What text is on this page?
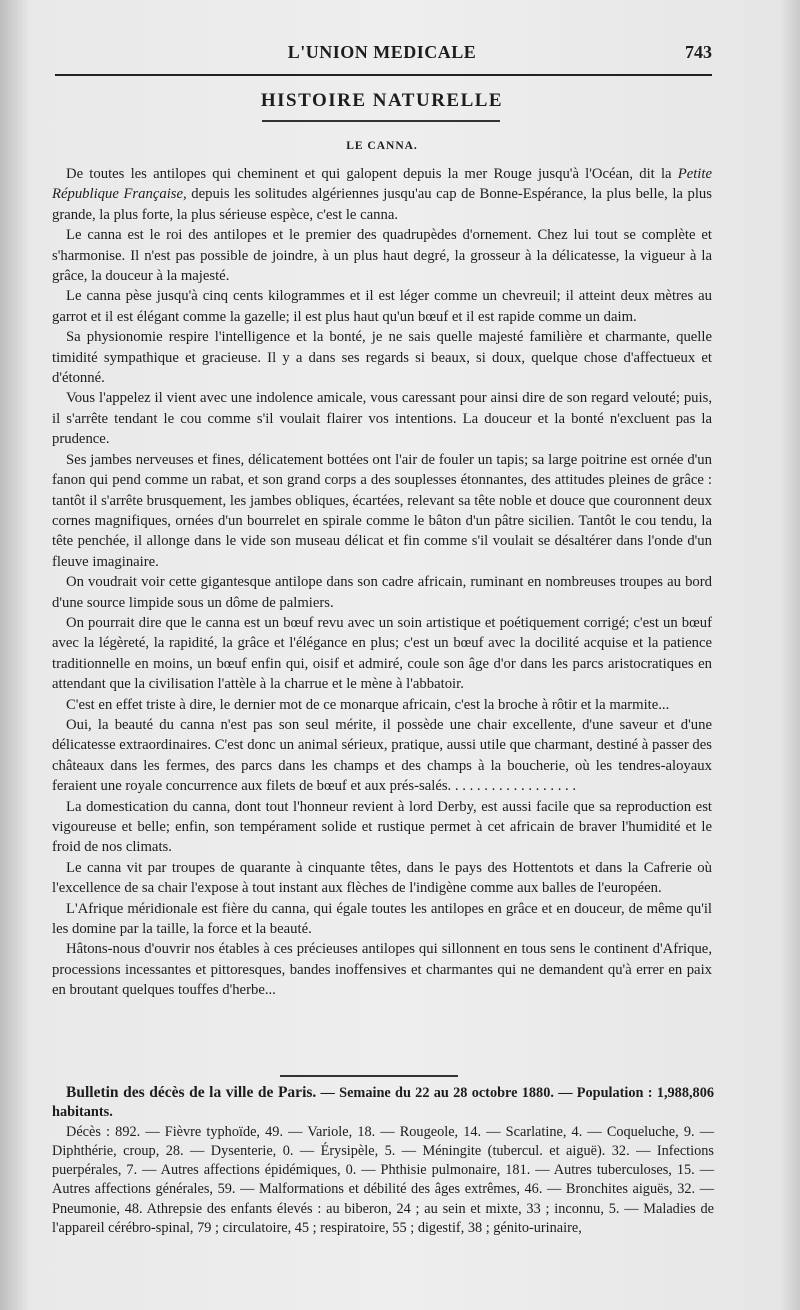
L'UNION MEDICALE	743
HISTOIRE NATURELLE
LE CANNA.

De toutes les antilopes qui cheminent et qui galopent depuis la mer Rouge jusqu'à l'Océan, dit la Petite République Française, depuis les solitudes algériennes jusqu'au cap de Bonne-Espérance, la plus belle, la plus grande, la plus forte, la plus sérieuse espèce, c'est le canna.

Le canna est le roi des antilopes et le premier des quadrupèdes d'ornement. Chez lui tout se complète et s'harmonise. Il n'est pas possible de joindre, à un plus haut degré, la grosseur à la délicatesse, la vigueur à la grâce, la douceur à la majesté.

Le canna pèse jusqu'à cinq cents kilogrammes et il est léger comme un chevreuil; il atteint deux mètres au garrot et il est élégant comme la gazelle; il est plus haut qu'un bœuf et il est rapide comme un daim.

Sa physionomie respire l'intelligence et la bonté, je ne sais quelle majesté familière et charmante, quelle timidité sympathique et gracieuse. Il y a dans ses regards si beaux, si doux, quelque chose d'affectueux et d'étonné.

Vous l'appelez il vient avec une indolence amicale, vous caressant pour ainsi dire de son regard velouté; puis, il s'arrête tendant le cou comme s'il voulait flairer vos intentions. La douceur et la bonté n'excluent pas la prudence.

Ses jambes nerveuses et fines, délicatement bottées ont l'air de fouler un tapis; sa large poitrine est ornée d'un fanon qui pend comme un rabat, et son grand corps a des souplesses étonnantes, des attitudes pleines de grâce : tantôt il s'arrête brusquement, les jambes obliques, écartées, relevant sa tête noble et douce que couronnent deux cornes magnifiques, ornées d'un bourrelet en spirale comme le bâton d'un pâtre sicilien. Tantôt le cou tendu, la tête penchée, il allonge dans le vide son museau délicat et fin comme s'il voulait se désaltérer dans l'onde d'un fleuve imaginaire.

On voudrait voir cette gigantesque antilope dans son cadre africain, ruminant en nombreuses troupes au bord d'une source limpide sous un dôme de palmiers.

On pourrait dire que le canna est un bœuf revu avec un soin artistique et poétiquement corrigé; c'est un bœuf avec la légèreté, la rapidité, la grâce et l'élégance en plus; c'est un bœuf avec la docilité acquise et la patience traditionnelle en moins, un bœuf enfin qui, oisif et admiré, coule son âge d'or dans les parcs aristocratiques en attendant que la civilisation l'attèle à la charrue et le mène à l'abbatoir.

C'est en effet triste à dire, le dernier mot de ce monarque africain, c'est la broche à rôtir et la marmite...

Oui, la beauté du canna n'est pas son seul mérite, il possède une chair excellente, d'une saveur et d'une délicatesse extraordinaires. C'est donc un animal sérieux, pratique, aussi utile que charmant, destiné à passer des châteaux dans les fermes, des parcs dans les champs et des champs à la boucherie, où les tendres-aloyaux feraient une royale concurrence aux filets de bœuf et aux prés-salés. . . . . . . . . . . . . . . . . .

La domestication du canna, dont tout l'honneur revient à lord Derby, est aussi facile que sa reproduction est vigoureuse et belle; enfin, son tempérament solide et rustique permet à cet africain de braver l'humidité et le froid de nos climats.

Le canna vit par troupes de quarante à cinquante têtes, dans le pays des Hottentots et dans la Cafrerie où l'excellence de sa chair l'expose à tout instant aux flèches de l'indigène comme aux balles de l'européen.

L'Afrique méridionale est fière du canna, qui égale toutes les antilopes en grâce et en douceur, de même qu'il les domine par la taille, la force et la beauté.

Hâtons-nous d'ouvrir nos étables à ces précieuses antilopes qui sillonnent en tous sens le continent d'Afrique, processions incessantes et pittoresques, bandes inoffensives et charmantes qui ne demandent qu'à errer en paix en broutant quelques touffes d'herbe...

Bulletin des décès de la ville de Paris. — Semaine du 22 au 28 octobre 1880. — Population : 1,988,806 habitants.

Décès : 892. — Fièvre typhoïde, 49. — Variole, 18. — Rougeole, 14. — Scarlatine, 4. — Coqueluche, 9. — Diphthérie, croup, 28. — Dysenterie, 0. — Érysipèle, 5. — Méningite (tubercul. et aiguë). 32. — Infections puerpérales, 7. — Autres affections épidémiques, 0. — Phthisie pulmonaire, 181. — Autres tuberculoses, 15. — Autres affections générales, 59. — Malformations et débilité des âges extrêmes, 46. — Bronchites aiguës, 32. — Pneumonie, 48. Athrepsie des enfants élevés : au biberon, 24 ; au sein et mixte, 33 ; inconnu, 5. — Maladies de l'appareil cérébro-spinal, 79 ; circulatoire, 45 ; respiratoire, 55 ; digestif, 38 ; génito-urinaire,
